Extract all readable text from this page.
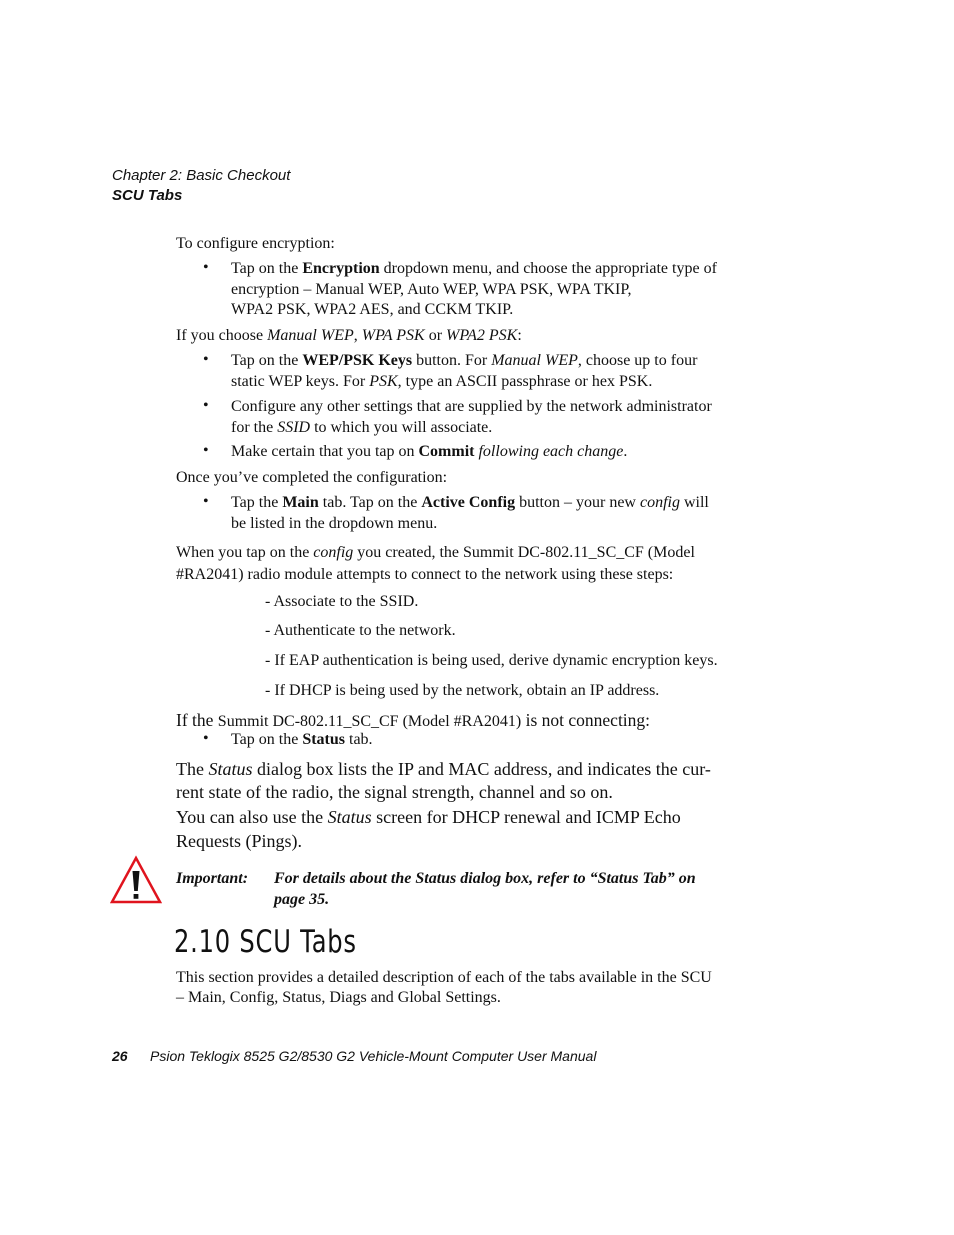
Chapter 2: Basic Checkout
SCU Tabs
To configure encryption:
• Tap on the Encryption dropdown menu, and choose the appropriate type of
encryption – Manual WEP, Auto WEP, WPA PSK, WPA TKIP,
WPA2 PSK, WPA2 AES, and CCKM TKIP.
If you choose Manual WEP, WPA PSK or WPA2 PSK:
• Tap on the WEP/PSK Keys button. For Manual WEP, choose up to four
static WEP keys. For PSK, type an ASCII passphrase or hex PSK.
• Configure any other settings that are supplied by the network administrator
for the SSID to which you will associate.
• Make certain that you tap on Commit following each change.
Once you’ve completed the configuration:
• Tap the Main tab. Tap on the Active Config button – your new config will
be listed in the dropdown menu.
When you tap on the config you created, the Summit DC-802.11_SC_CF (Model
#RA2041) radio module attempts to connect to the network using these steps:
- Associate to the SSID.
- Authenticate to the network.
- If EAP authentication is being used, derive dynamic encryption keys.
- If DHCP is being used by the network, obtain an IP address.
If the Summit DC-802.11_SC_CF (Model #RA2041) is not connecting:
• Tap on the Status tab.
The Status dialog box lists the IP and MAC address, and indicates the cur-
rent state of the radio, the signal strength, channel and so on.
You can also use the Status screen for DHCP renewal and ICMP Echo
Requests (Pings).
Important: For details about the Status dialog box, refer to “Status Tab” on
page 35.
2.10 SCU Tabs
This section provides a detailed description of each of the tabs available in the SCU
– Main, Config, Status, Diags and Global Settings.
26 Psion Teklogix 8525 G2/8530 G2 Vehicle-Mount Computer User Manual
